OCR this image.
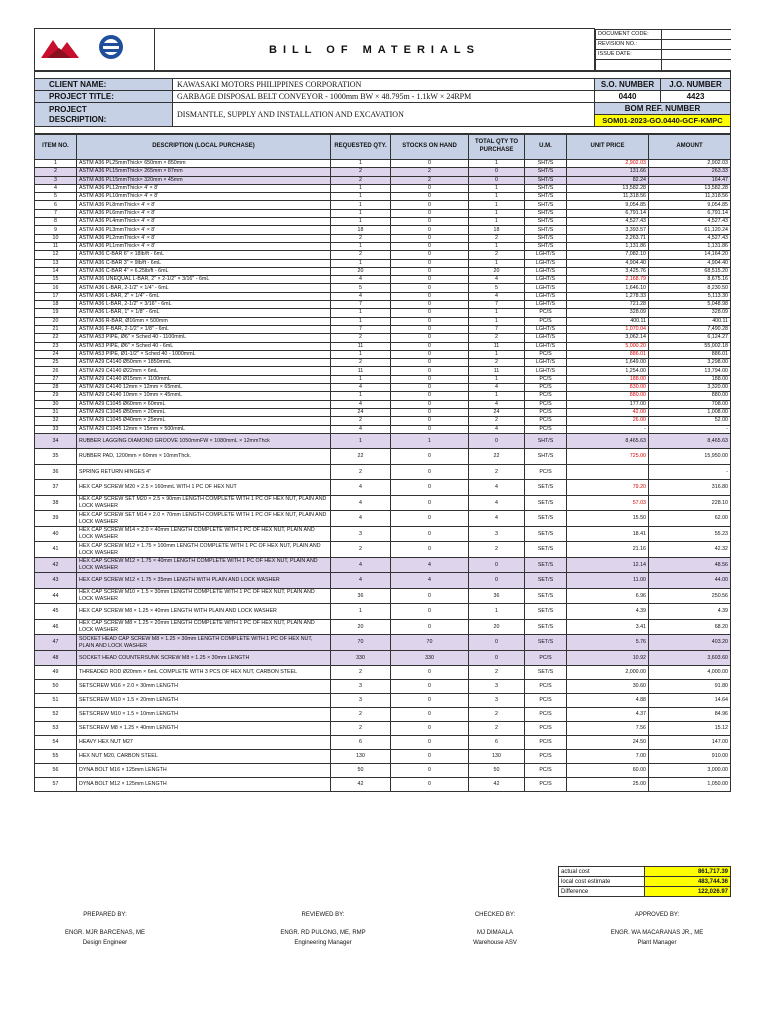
	BILL OF MATERIALS	
DOCUMENT CODE:	
REVISION NO.:	
ISSUE DATE:	

CLIENT NAME:	KAWASAKI MOTORS PHILIPPINES CORPORATION	S.O. NUMBER	J.O. NUMBER
PROJECT TITLE:	GARBAGE DISPOSAL BELT CONVEYOR - 1000mm BW × 48.795m - 1.1kW × 24RPM	0440	4423
PROJECT
DESCRIPTION:	DISMANTLE, SUPPLY AND INSTALLATION AND EXCAVATION	BOM REF. NUMBER	
		SOM01-2023-GO.0440-GCF-KMPC	

ITEM NO.	DESCRIPTION (LOCAL PURCHASE)	REQUESTED QTY.	STOCKS ON HAND	TOTAL QTY TO PURCHASE	U.M.	UNIT PRICE	AMOUNT
1	ASTM A36 PL25mmThick× 650mm × 850mm	1	0	1	SHT/S	2,902.03	2,902.03
2	ASTM A36 PL15mmThick× 265mm × 87mm	2	2	0	SHT/S	131.66	263.33
3	ASTM A36 PL15mmThick× 320mm × 45mm	2	2	0	SHT/S	82.24	164.47
4	ASTM A36 PL12mmThick× 4' × 8'	1	0	1	SHT/S	13,582.28	13,582.28
5	ASTM A36 PL10mmThick× 4' × 8'	1	0	1	SHT/S	11,318.56	11,318.56
6	ASTM A36 PL8mmThick× 4' × 8'	1	0	1	SHT/S	9,054.85	9,054.85
7	ASTM A36 PL6mmThick× 4' × 8'	1	0	1	SHT/S	6,791.14	6,791.14
8	ASTM A36 PL4mmThick× 4' × 8'	1	0	1	SHT/S	4,527.43	4,527.43
9	ASTM A36 PL3mmThick× 4' × 8'	18	0	18	SHT/S	3,393.57	61,120.24
10	ASTM A36 PL2mmThick× 4' × 8'	2	0	2	SHT/S	2,263.71	4,527.43
11	ASTM A36 PL1mmThick× 4' × 8'	1	0	1	SHT/S	1,131.86	1,131.86
12	ASTM A36 C-BAR 6" × 18lb/ft - 6mL	2	0	2	LGHT/S	7,082.10	14,164.20
13	ASTM A36 C-BAR 3" × 9lb/ft - 6mL	1	0	1	LGHT/S	4,904.40	4,904.40
14	ASTM A36 C-BAR 4" × 6.25lb/ft - 6mL	20	0	20	LGHT/S	3,425.76	68,515.20
15	ASTM A36 UNEQUAL L-BAR, 2" × 2-1/2" × 3/16" - 6mL	4	0	4	LGHT/S	2,168.79	8,675.16
16	ASTM A36 L-BAR, 2-1/2" × 1/4" - 6mL	5	0	5	LGHT/S	1,646.10	8,230.50
17	ASTM A36 L-BAR, 2" × 1/4" - 6mL	4	0	4	LGHT/S	1,278.33	5,113.30
18	ASTM A36 L-BAR, 2-1/2" × 3/16" - 6mL	7	0	7	LGHT/S	721.28	5,048.98
19	ASTM A36 L-BAR, 1" × 1/8" - 6mL	1	0	1	PC/S	328.09	328.09
20	ASTM A36 R-BAR, Ø16mm × 500mm	1	0	1	PC/S	400.11	400.11
21	ASTM A36 F-BAR, 2-1/2" × 1/8" - 6mL	7	0	7	LGHT/S	1,070.04	7,490.28
22	ASTM A53 PIPE, Ø6" × Sched 40 - 1100mmL	2	0	2	LGHT/S	3,062.14	6,124.27
23	ASTM A53 PIPE, Ø6" × Sched 40 - 6mL	11	0	11	LGHT/S	5,000.20	55,002.18
24	ASTM A53 PIPE, Ø1-1/2" × Sched 40 - 1000mmL	1	0	1	PC/S	886.01	886.01
25	ASTM A29 C4140 Ø50mm × 1850mmL	2	0	2	LGHT/S	1,649.00	3,298.00
26	ASTM A29 C4140 Ø22mm × 6mL	11	0	11	LGHT/S	1,254.00	13,794.00
27	ASTM A29 C4140 Ø15mm × 1100mmL	1	0	1	PC/S	188.00	188.00
28	ASTM A29 C4140 12mm × 12mm × 65mmL	4	0	4	PC/S	830.00	3,320.00
29	ASTM A29 C4140 10mm × 10mm × 45mmL	1	0	1	PC/S	880.00	880.00
30	ASTM A29 C1045 Ø60mm × 60mmL	4	0	4	PC/S	177.00	708.00
31	ASTM A29 C1045 Ø50mm × 20mmL	24	0	24	PC/S	42.00	1,008.00
32	ASTM A29 C1045 Ø40mm × 25mmL	2	0	2	PC/S	26.00	52.00
33	ASTM A29 C1045 12mm × 15mm × 500mmL	4	0	4	PC/S	-	-
34	RUBBER LAGGING DIAMOND GROOVE 1050mmFW × 1080mmL × 12mmThck	1	1	0	SHT/S	8,465.63	8,465.63
35	RUBBER PAD, 1200mm × 60mm × 10mmThck.	22	0	22	SHT/S	725.00	15,950.00
36	SPRING RETURN HINGES 4"	2	0	2	PC/S		-
37	HEX CAP SCREW M20 × 2.5 × 160mmL WITH 1 PC OF HEX NUT	4	0	4	SET/S	79.20	316.80
38	HEX CAP SCREW SET M20 × 2.5 × 90mm LENGTH COMPLETE WITH 1 PC OF HEX NUT, PLAIN AND LOCK WASHER	4	0	4	SET/S	57.03	228.10
39	HEX CAP SCREW SET M14 × 2.0 × 70mm LENGTH COMPLETE WITH 1 PC OF HEX NUT, PLAIN AND LOCK WASHER	4	0	4	SET/S	15.50	62.00
40	HEX CAP SCREW M14 × 2.0 × 40mm LENGTH COMPLETE WITH 1 PC OF HEX NUT, PLAIN AND LOCK WASHER	3	0	3	SET/S	18.41	55.23
41	HEX CAP SCREW M12 × 1.75 × 100mm LENGTH COMPLETE WITH 1 PC OF HEX NUT, PLAIN AND LOCK WASHER	2	0	2	SET/S	21.16	42.32
42	HEX CAP SCREW M12 × 1.75 × 40mm LENGTH COMPLETE WITH 1 PC OF HEX NUT, PLAIN AND LOCK WASHER	4	4	0	SET/S	12.14	48.56
43	HEX CAP SCREW M12 × 1.75 × 35mm LENGTH WITH PLAIN AND LOCK WASHER	4	4	0	SET/S	11.00	44.00
44	HEX CAP SCREW M10 × 1.5 × 30mm LENGTH COMPLETE WITH 1 PC OF HEX NUT, PLAIN AND LOCK WASHER	36	0	36	SET/S	6.96	250.56
45	HEX CAP SCREW M8 × 1.25 × 40mm LENGTH WITH PLAIN AND LOCK WASHER	1	0	1	SET/S	4.39	4.39
46	HEX CAP SCREW M8 × 1.25 × 20mm LENGTH COMPLETE WITH 1 PC OF HEX NUT, PLAIN AND LOCK WASHER	20	0	20	SET/S	3.41	68.20
47	SOCKET HEAD CAP SCREW M8 × 1.25 × 30mm LENGTH COMPLETE WITH 1 PC OF HEX NUT, PLAIN AND LOCK WASHER	70	70	0	SET/S	5.76	403.20
48	SOCKET HEAD COUNTERSUNK SCREW M8 × 1.25 × 30mm LENGTH	330	330	0	PC/S	10.92	3,603.60
49	THREADED ROD Ø20mm × 6mL COMPLETE WITH 3 PCS OF HEX NUT, CARBON STEEL	2	0	2	SET/S	2,000.00	4,000.00
50	SETSCREW M16 × 2.0 × 30mm LENGTH	3	0	3	PC/S	30.60	91.80
51	SETSCREW M10 × 1.5 × 20mm LENGTH	3	0	3	PC/S	4.88	14.64
52	SETSCREW M10 × 1.5 × 10mm LENGTH	2	0	2	PC/S	4.37	84.96
53	SETSCREW M8 × 1.25 × 40mm LENGTH	2	0	2	PC/S	7.56	15.12
54	HEAVY HEX NUT M27	6	0	6	PC/S	24.50	147.00
55	HEX NUT M20, CARBON STEEL	130	0	130	PC/S	7.00	910.00
56	DYNA BOLT M16 × 125mm LENGTH	50	0	50	PC/S	60.00	3,000.00
57	DYNA BOLT M12 × 125mm LENGTH	42	0	42	PC/S	25.00	1,050.00
actual cost	861,717.39
local cost estimate	483,744.36
Difference	122,026.97
PREPARED BY:
ENGR. MJR BARCENAS, ME
Design Engineer
REVIEWED BY:
ENGR. RD PULONG, ME, RMP
Engineering Manager
CHECKED BY:
MJ DIMAALA
Warehouse ASV
APPROVED BY:
ENGR. WA MACARANAS JR., ME
Plant Manager
